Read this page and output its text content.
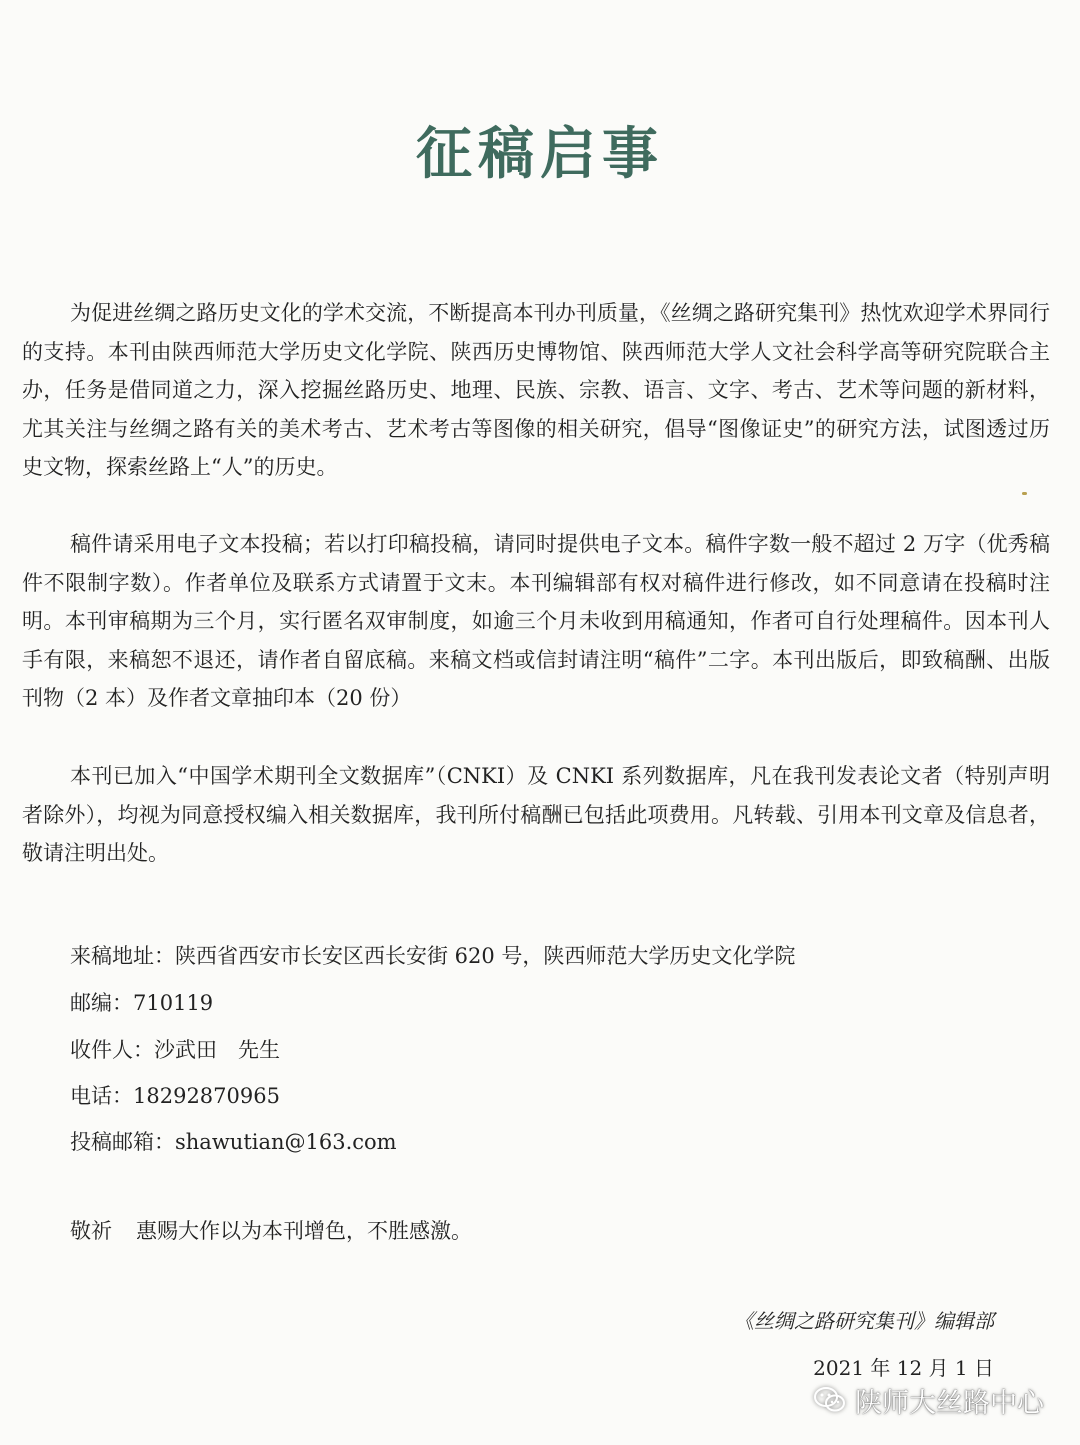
征稿启事

为促进丝绸之路历史文化的学术交流，不断提高本刊办刊质量，《丝绸之路研究集刊》热忱欢迎学术界同行的支持。本刊由陕西师范大学历史文化学院、陕西历史博物馆、陕西师范大学人文社会科学高等研究院联合主办，任务是借同道之力，深入挖掘丝路历史、地理、民族、宗教、语言、文字、考古、艺术等问题的新材料，尤其关注与丝绸之路有关的美术考古、艺术考古等图像的相关研究，倡导“图像证史”的研究方法，试图透过历史文物，探索丝路上“人”的历史。

稿件请采用电子文本投稿；若以打印稿投稿，请同时提供电子文本。稿件字数一般不超过 2 万字（优秀稿件不限制字数）。作者单位及联系方式请置于文末。本刊编辑部有权对稿件进行修改，如不同意请在投稿时注明。本刊审稿期为三个月，实行匿名双审制度，如逾三个月未收到用稿通知，作者可自行处理稿件。因本刊人手有限，来稿恕不退还，请作者自留底稿。来稿文档或信封请注明“稿件”二字。本刊出版后，即致稿酬、出版刊物（2 本）及作者文章抽印本（20 份）

本刊已加入“中国学术期刊全文数据库”（CNKI）及 CNKI 系列数据库，凡在我刊发表论文者（特别声明者除外），均视为同意授权编入相关数据库，我刊所付稿酬已包括此项费用。凡转载、引用本刊文章及信息者，敬请注明出处。

来稿地址：陕西省西安市长安区西长安街 620 号，陕西师范大学历史文化学院
邮编：710119
收件人：沙武田　先生
电话：18292870965
投稿邮箱：shawutian@163.com
敬祈 惠赐大作以为本刊增色，不胜感激。
《丝绸之路研究集刊》编辑部
2021 年 12 月 1 日
陕师大丝路中心
